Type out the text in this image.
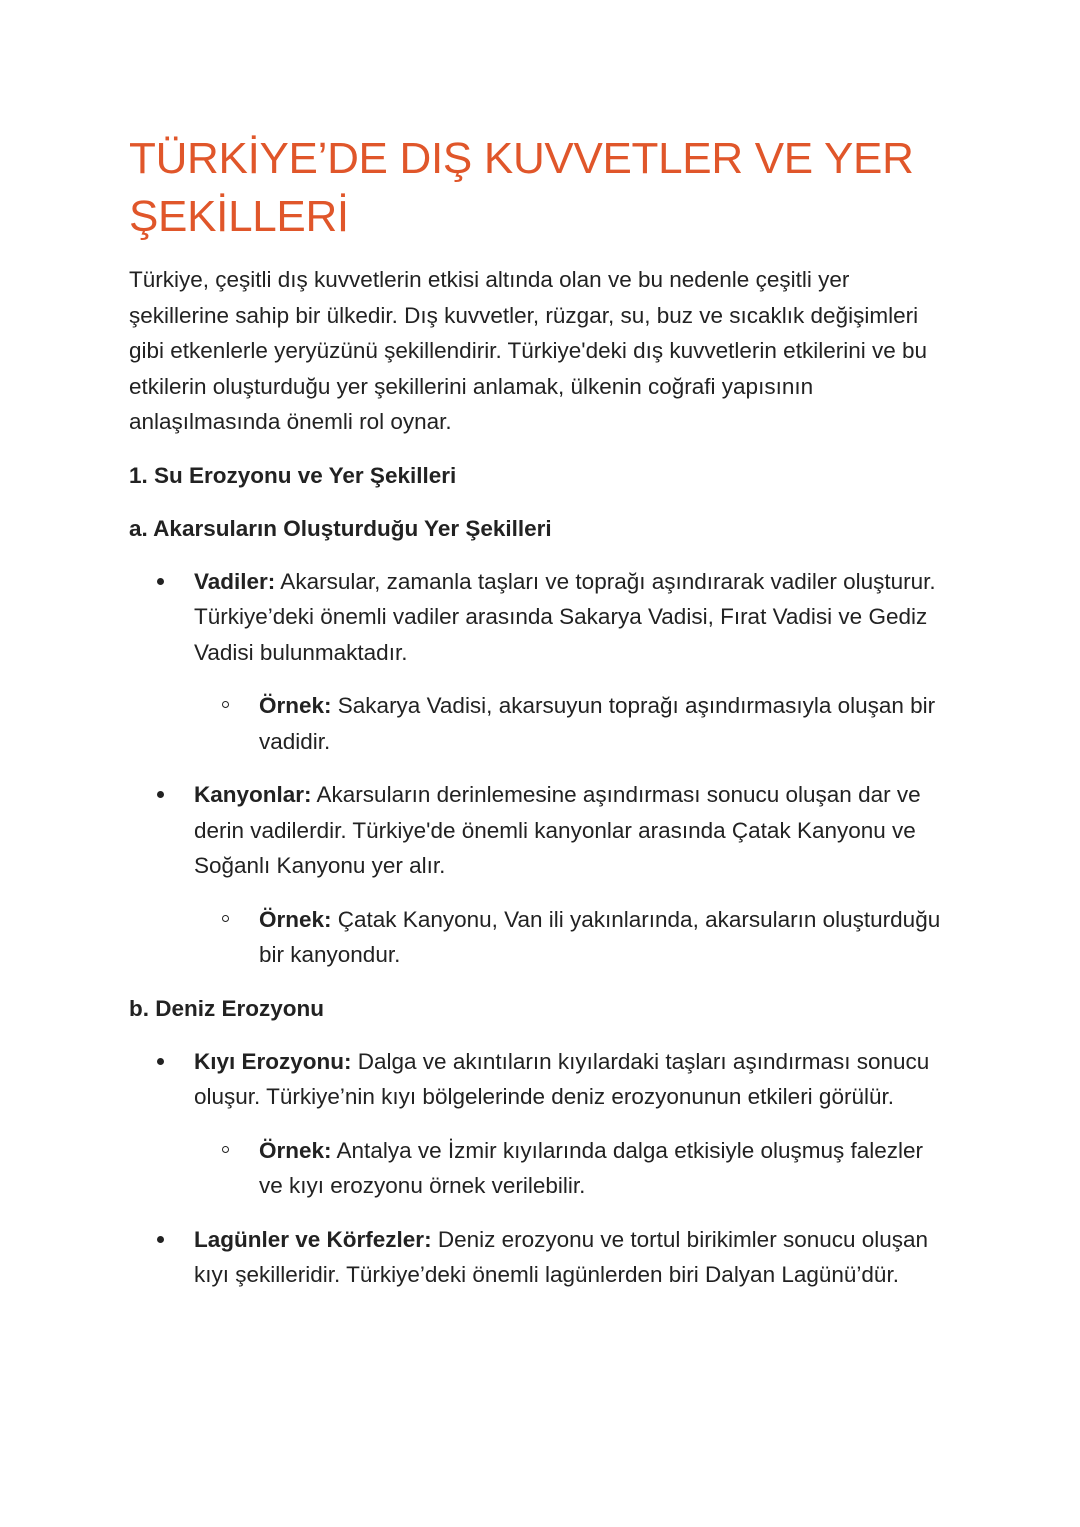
TÜRKİYE’DE DIŞ KUVVETLER VE YER ŞEKİLLERİ

Türkiye, çeşitli dış kuvvetlerin etkisi altında olan ve bu nedenle çeşitli yer şekillerine sahip bir ülkedir. Dış kuvvetler, rüzgar, su, buz ve sıcaklık değişimleri gibi etkenlerle yeryüzünü şekillendirir. Türkiye'deki dış kuvvetlerin etkilerini ve bu etkilerin oluşturduğu yer şekillerini anlamak, ülkenin coğrafi yapısının anlaşılmasında önemli rol oynar.

1. Su Erozyonu ve Yer Şekilleri
a. Akarsuların Oluşturduğu Yer Şekilleri
Vadiler: Akarsular, zamanla taşları ve toprağı aşındırarak vadiler oluşturur. Türkiye’deki önemli vadiler arasında Sakarya Vadisi, Fırat Vadisi ve Gediz Vadisi bulunmaktadır.
Örnek: Sakarya Vadisi, akarsuyun toprağı aşındırmasıyla oluşan bir vadidir.
Kanyonlar: Akarsuların derinlemesine aşındırması sonucu oluşan dar ve derin vadilerdir. Türkiye'de önemli kanyonlar arasında Çatak Kanyonu ve Soğanlı Kanyonu yer alır.
Örnek: Çatak Kanyonu, Van ili yakınlarında, akarsuların oluşturduğu bir kanyondur.
b. Deniz Erozyonu
Kıyı Erozyonu: Dalga ve akıntıların kıyılardaki taşları aşındırması sonucu oluşur. Türkiye’nin kıyı bölgelerinde deniz erozyonunun etkileri görülür.
Örnek: Antalya ve İzmir kıyılarında dalga etkisiyle oluşmuş falezler ve kıyı erozyonu örnek verilebilir.
Lagünler ve Körfezler: Deniz erozyonu ve tortul birikimler sonucu oluşan kıyı şekilleridir. Türkiye’deki önemli lagünlerden biri Dalyan Lagünü’dür.
